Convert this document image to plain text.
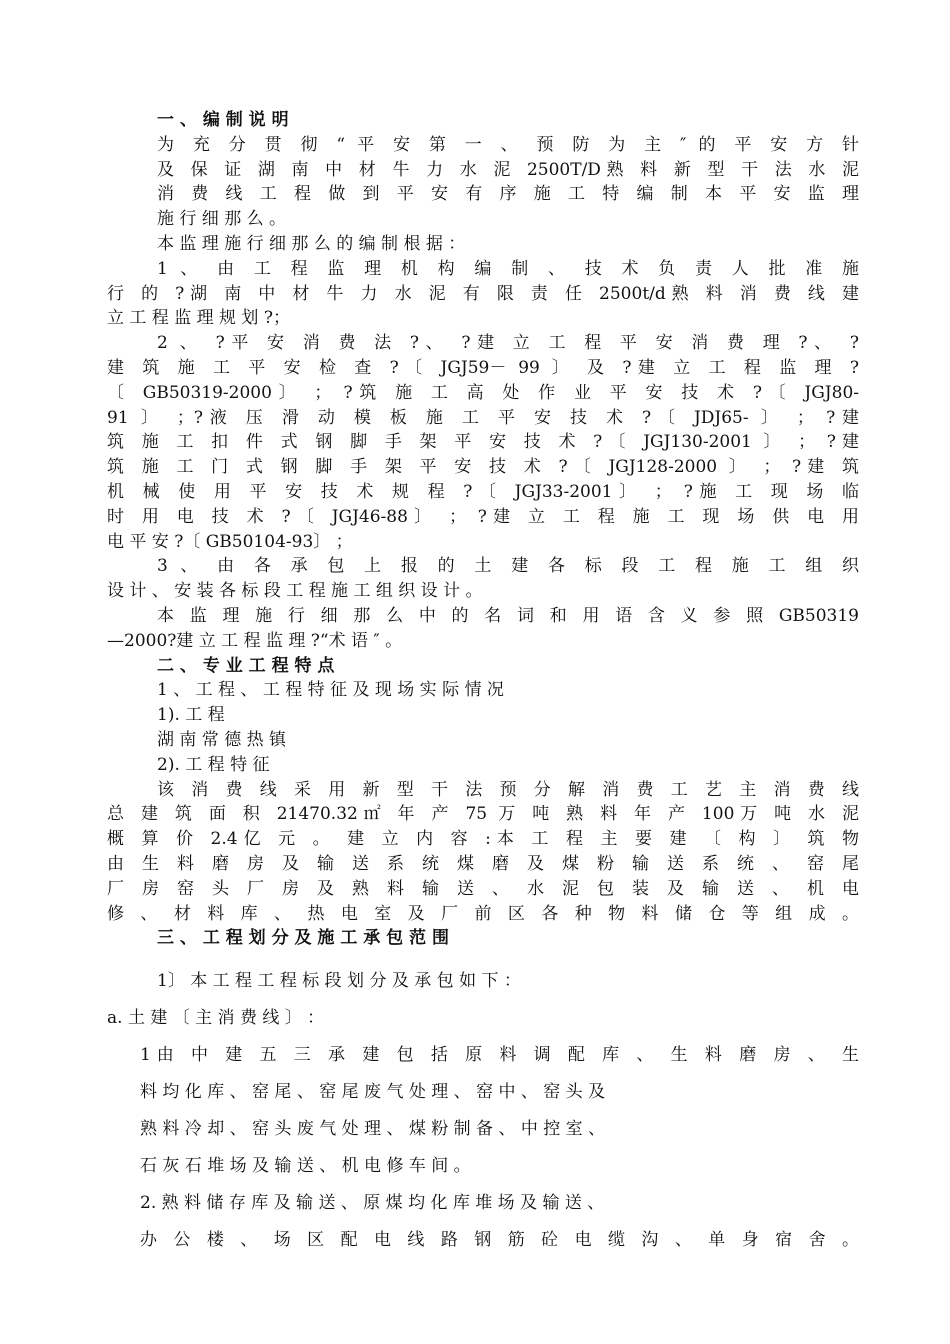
一 、 编 制 说 明
为 充 分 贯 彻 “ 平 安 第 一 、 预 防 为 主 ″ 的 平 安 方 针
及 保 证 湖 南 中 材 牛 力 水 泥 2500T/D熟 料 新 型 干 法 水 泥
消 费 线 工 程 做 到 平 安 有 序 施 工 特 编 制 本 平 安 监 理
施 行 细 那 么 。
本 监 理 施 行 细 那 么 的 编 制 根 据 ：
1 、 由 工 程 监 理 机 构 编 制 、 技 术 负 责 人 批 准 施
行 的 ?湖 南 中 材 牛 力 水 泥 有 限 责 任 2500t/d熟 料 消 费 线 建
立 工 程 监 理 规 划 ?；
2 、 ?平 安 消 费 法 ?、 ?建 立 工 程 平 安 消 费 理 ?、 ?
建 筑 施 工 平 安 检 查 ?〔 JGJ59－ 99 〕 及 ?建 立 工 程 监 理 ?
〔 GB50319-2000〕 ； ?筑 施 工 高 处 作 业 平 安 技 术 ?〔 JGJ80-
91 〕 ；?液 压 滑 动 模 板 施 工 平 安 技 术 ?〔 JDJ65- 〕 ； ?建
筑 施 工 扣 件 式 钢 脚 手 架 平 安 技 术 ?〔 JGJ130-2001 〕 ； ?建
筑 施 工 门 式 钢 脚 手 架 平 安 技 术 ?〔 JGJ128-2000 〕 ； ?建 筑
机 械 使 用 平 安 技 术 规 程 ?〔 JGJ33-2001〕 ； ?施 工 现 场 临
时 用 电 技 术 ?〔 JGJ46-88〕 ； ?建 立 工 程 施 工 现 场 供 电 用
电 平 安 ?〔 GB50104-93〕 ；
3 、 由 各 承 包 上 报 的 土 建 各 标 段 工 程 施 工 组 织
设 计 、 安 装 各 标 段 工 程 施 工 组 织 设 计 。
本 监 理 施 行 细 那 么 中 的 名 词 和 用 语 含 义 参 照 GB50319
—2000?建 立 工 程 监 理 ?“术 语 ″ 。
二 、 专 业 工 程 特 点
1 、 工 程 、 工 程 特 征 及 现 场 实 际 情 况
1). 工 程
湖 南 常 德 热 镇
2). 工 程 特 征
该 消 费 线 采 用 新 型 干 法 预 分 解 消 费 工 艺 主 消 费 线
总 建 筑 面 积 21470.32㎡ 年 产 75 万 吨 熟 料 年 产 100万 吨 水 泥
概 算 价 2.4亿 元 。 建 立 内 容 :本 工 程 主 要 建 〔 构 〕 筑 物
由 生 料 磨 房 及 输 送 系 统 煤 磨 及 煤 粉 输 送 系 统 、 窑 尾
厂 房 窑 头 厂 房 及 熟 料 输 送 、 水 泥 包 装 及 输 送 、 机 电
修 、 材 料 库 、 热 电 室 及 厂 前 区 各 种 物 料 储 仓 等 组 成 。
三 、 工 程 划 分 及 施 工 承 包 范 围
1〕 本 工 程 工 程 标 段 划 分 及 承 包 如 下 ：
a. 土 建 〔 主 消 费 线 〕 ：
1由 中 建 五 三 承 建 包 括 原 料 调 配 库 、 生 料 磨 房 、 生
料 均 化 库 、 窑 尾 、 窑 尾 废 气 处 理 、 窑 中 、 窑 头 及
熟 料 冷 却 、 窑 头 废 气 处 理 、 煤 粉 制 备 、 中 控 室 、
石 灰 石 堆 场 及 输 送 、 机 电 修 车 间 。
2. 熟 料 储 存 库 及 输 送 、 原 煤 均 化 库 堆 场 及 输 送 、
办 公 楼 、 场 区 配 电 线 路 钢 筋 砼 电 缆 沟 、 单 身 宿 舍 。
